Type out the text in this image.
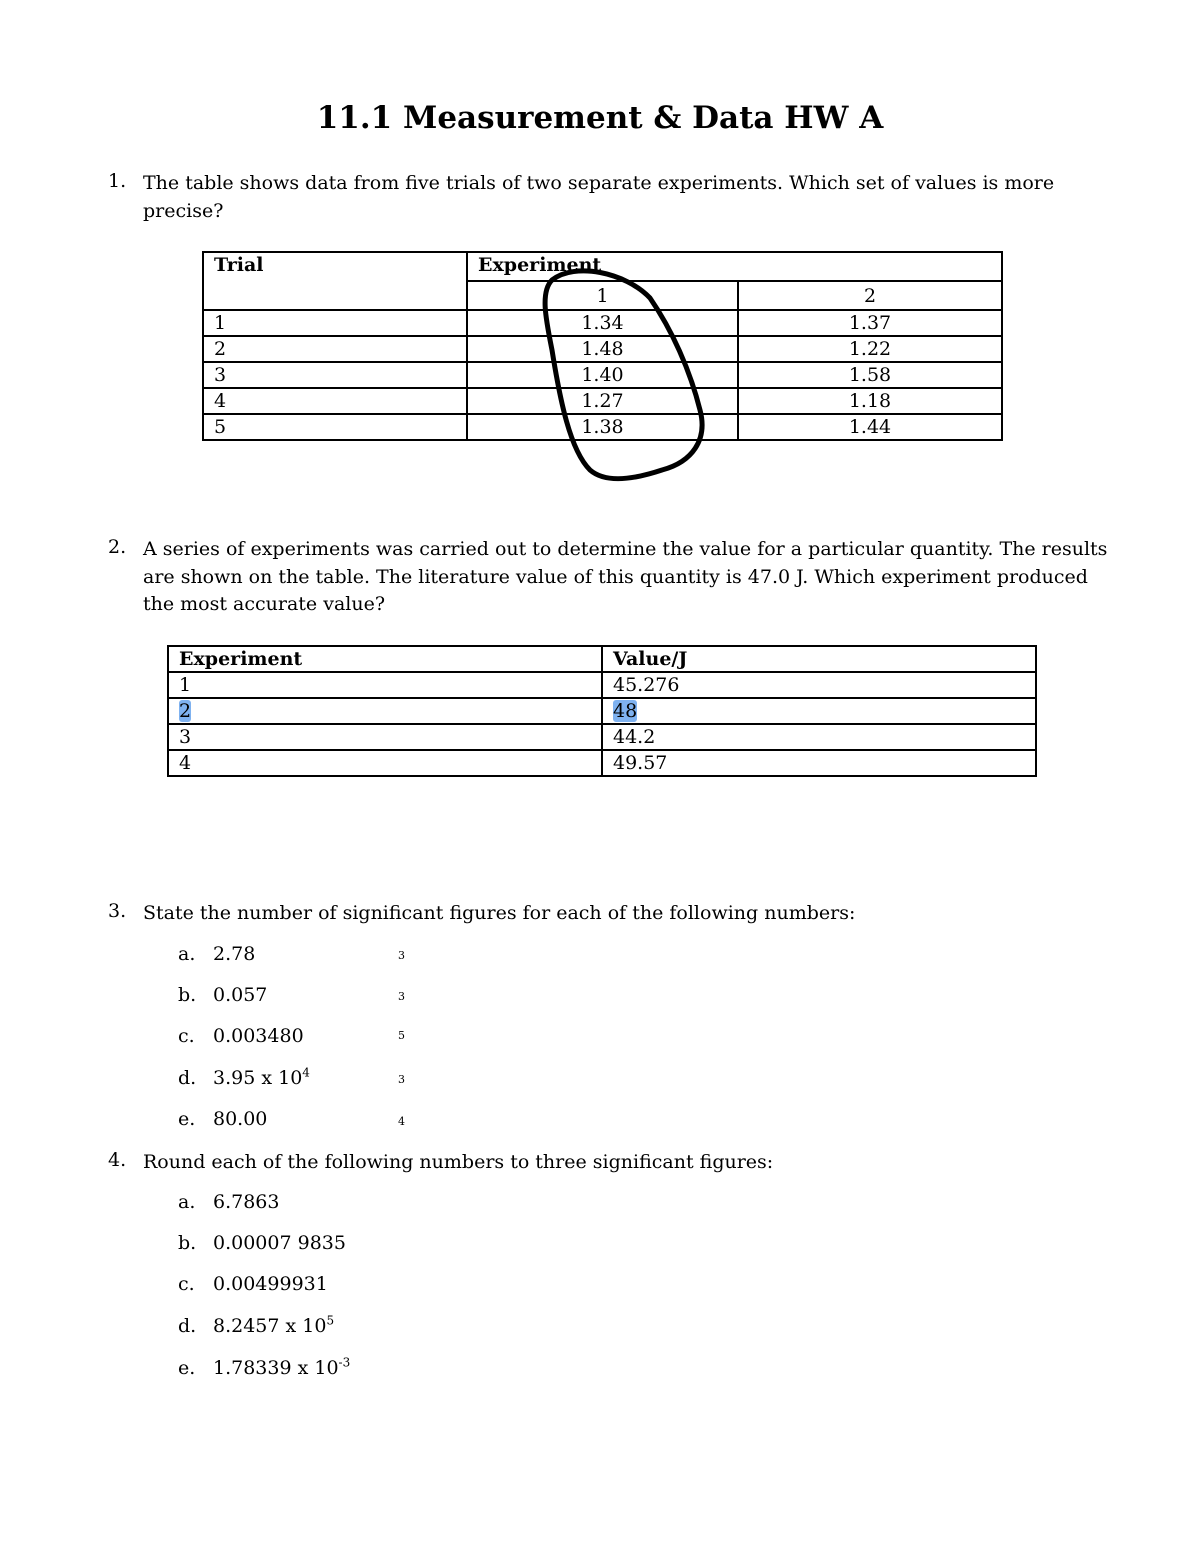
11.1 Measurement & Data HW A
1. The table shows data from five trials of two separate experiments. Which set of values is more precise?
Trial	Experiment	
	1	2
1	1.34	1.37
2	1.48	1.22
3	1.40	1.58
4	1.27	1.18
5	1.38	1.44
2. A series of experiments was carried out to determine the value for a particular quantity. The results are shown on the table. The literature value of this quantity is 47.0 J. Which experiment produced the most accurate value?
Experiment	Value/J
1	45.276
2	48
3	44.2
4	49.57
3. State the number of significant figures for each of the following numbers:
a. 2.78	3
b. 0.057	3
c. 0.003480	5
d. 3.95 x $10^4$	3
e. 80.00	4
4. Round each of the following numbers to three significant figures:
a. 6.7863
b. 0.00007 9835
c. 0.00499931
d. 8.2457 x $10^5$
e. 1.78339 x $10^{-3}$
